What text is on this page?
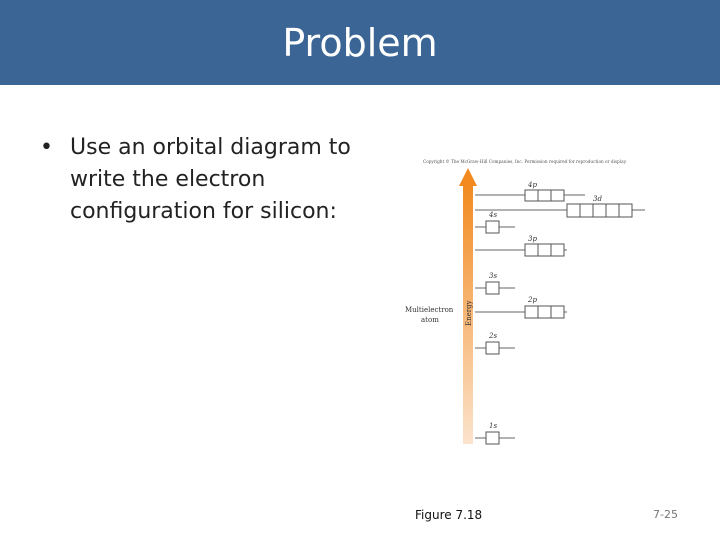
Problem
• Use an orbital diagram to write the electron configuration for silicon:
Copyright © The McGraw-Hill Companies, Inc. Permission required for reproduction or display.
Energy
Multielectron
atom
4p
3d
4s
3p
3s
2p
2s
1s
Figure 7.18	7-25
